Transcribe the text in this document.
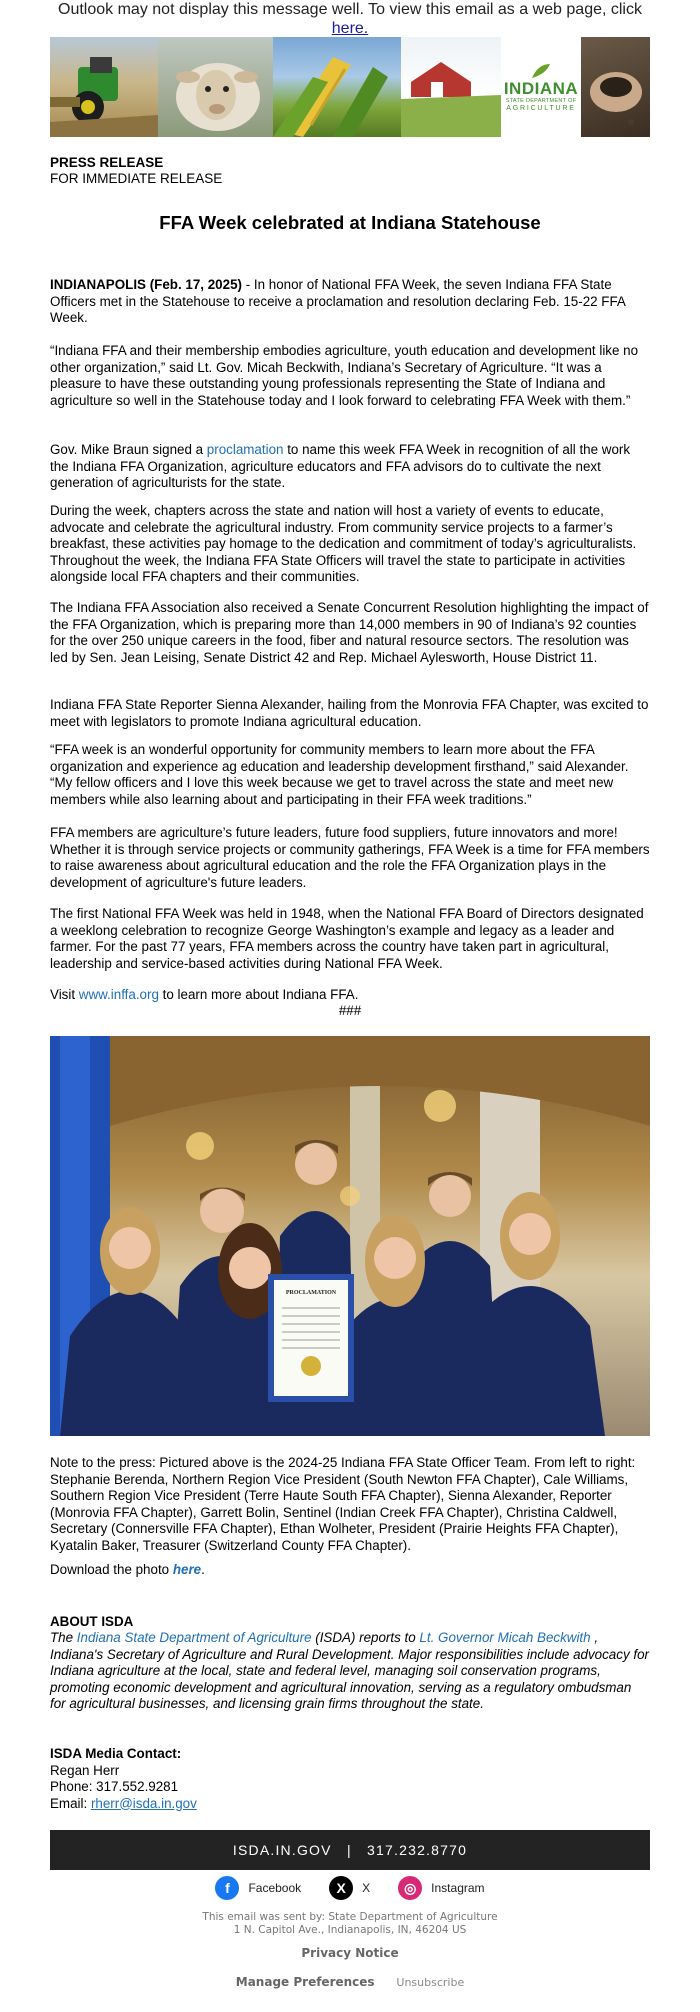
Outlook may not display this message well. To view this email as a web page, click
here.
INDIANA
STATE DEPARTMENT OF
AGRICULTURE
PRESS RELEASE
FOR IMMEDIATE RELEASE
FFA Week celebrated at Indiana Statehouse
INDIANAPOLIS (Feb. 17, 2025) - In honor of National FFA Week, the seven Indiana FFA State Officers met in the Statehouse to receive a proclamation and resolution declaring Feb. 15-22 FFA Week.
“Indiana FFA and their membership embodies agriculture, youth education and development like no other organization,” said Lt. Gov. Micah Beckwith, Indiana’s Secretary of Agriculture. “It was a pleasure to have these outstanding young professionals representing the State of Indiana and agriculture so well in the Statehouse today and I look forward to celebrating FFA Week with them.”
Gov. Mike Braun signed a proclamation to name this week FFA Week in recognition of all the work the Indiana FFA Organization, agriculture educators and FFA advisors do to cultivate the next generation of agriculturists for the state.
During the week, chapters across the state and nation will host a variety of events to educate, advocate and celebrate the agricultural industry. From community service projects to a farmer’s breakfast, these activities pay homage to the dedication and commitment of today’s agriculturalists. Throughout the week, the Indiana FFA State Officers will travel the state to participate in activities alongside local FFA chapters and their communities.
The Indiana FFA Association also received a Senate Concurrent Resolution highlighting the impact of the FFA Organization, which is preparing more than 14,000 members in 90 of Indiana’s 92 counties for the over 250 unique careers in the food, fiber and natural resource sectors. The resolution was led by Sen. Jean Leising, Senate District 42 and Rep. Michael Aylesworth, House District 11.
Indiana FFA State Reporter Sienna Alexander, hailing from the Monrovia FFA Chapter, was excited to meet with legislators to promote Indiana agricultural education.
“FFA week is an wonderful opportunity for community members to learn more about the FFA organization and experience ag education and leadership development firsthand,” said Alexander. “My fellow officers and I love this week because we get to travel across the state and meet new members while also learning about and participating in their FFA week traditions.”
FFA members are agriculture’s future leaders, future food suppliers, future innovators and more! Whether it is through service projects or community gatherings, FFA Week is a time for FFA members to raise awareness about agricultural education and the role the FFA Organization plays in the development of agriculture's future leaders.
The first National FFA Week was held in 1948, when the National FFA Board of Directors designated a weeklong celebration to recognize George Washington’s example and legacy as a leader and farmer. For the past 77 years, FFA members across the country have taken part in agricultural, leadership and service-based activities during National FFA Week.
Visit www.inffa.org to learn more about Indiana FFA.
###
PROCLAMATION
Note to the press: Pictured above is the 2024-25 Indiana FFA State Officer Team. From left to right: Stephanie Berenda, Northern Region Vice President (South Newton FFA Chapter), Cale Williams, Southern Region Vice President (Terre Haute South FFA Chapter), Sienna Alexander, Reporter (Monrovia FFA Chapter), Garrett Bolin, Sentinel (Indian Creek FFA Chapter), Christina Caldwell, Secretary (Connersville FFA Chapter), Ethan Wolheter, President (Prairie Heights FFA Chapter), Kyatalin Baker, Treasurer (Switzerland County FFA Chapter).
Download the photo here.
ABOUT ISDA
The Indiana State Department of Agriculture (ISDA) reports to Lt. Governor Micah Beckwith , Indiana's Secretary of Agriculture and Rural Development. Major responsibilities include advocacy for Indiana agriculture at the local, state and federal level, managing soil conservation programs, promoting economic development and agricultural innovation, serving as a regulatory ombudsman for agricultural businesses, and licensing grain firms throughout the state.
ISDA Media Contact:
Regan Herr
Phone: 317.552.9281
Email: rherr@isda.in.gov
ISDA.IN.GOV   |   317.232.8770
f Facebook	X X ◎ Instagram
This email was sent by: State Department of Agriculture
1 N. Capitol Ave., Indianapolis, IN, 46204 US
Privacy Notice
Manage Preferences Unsubscribe
